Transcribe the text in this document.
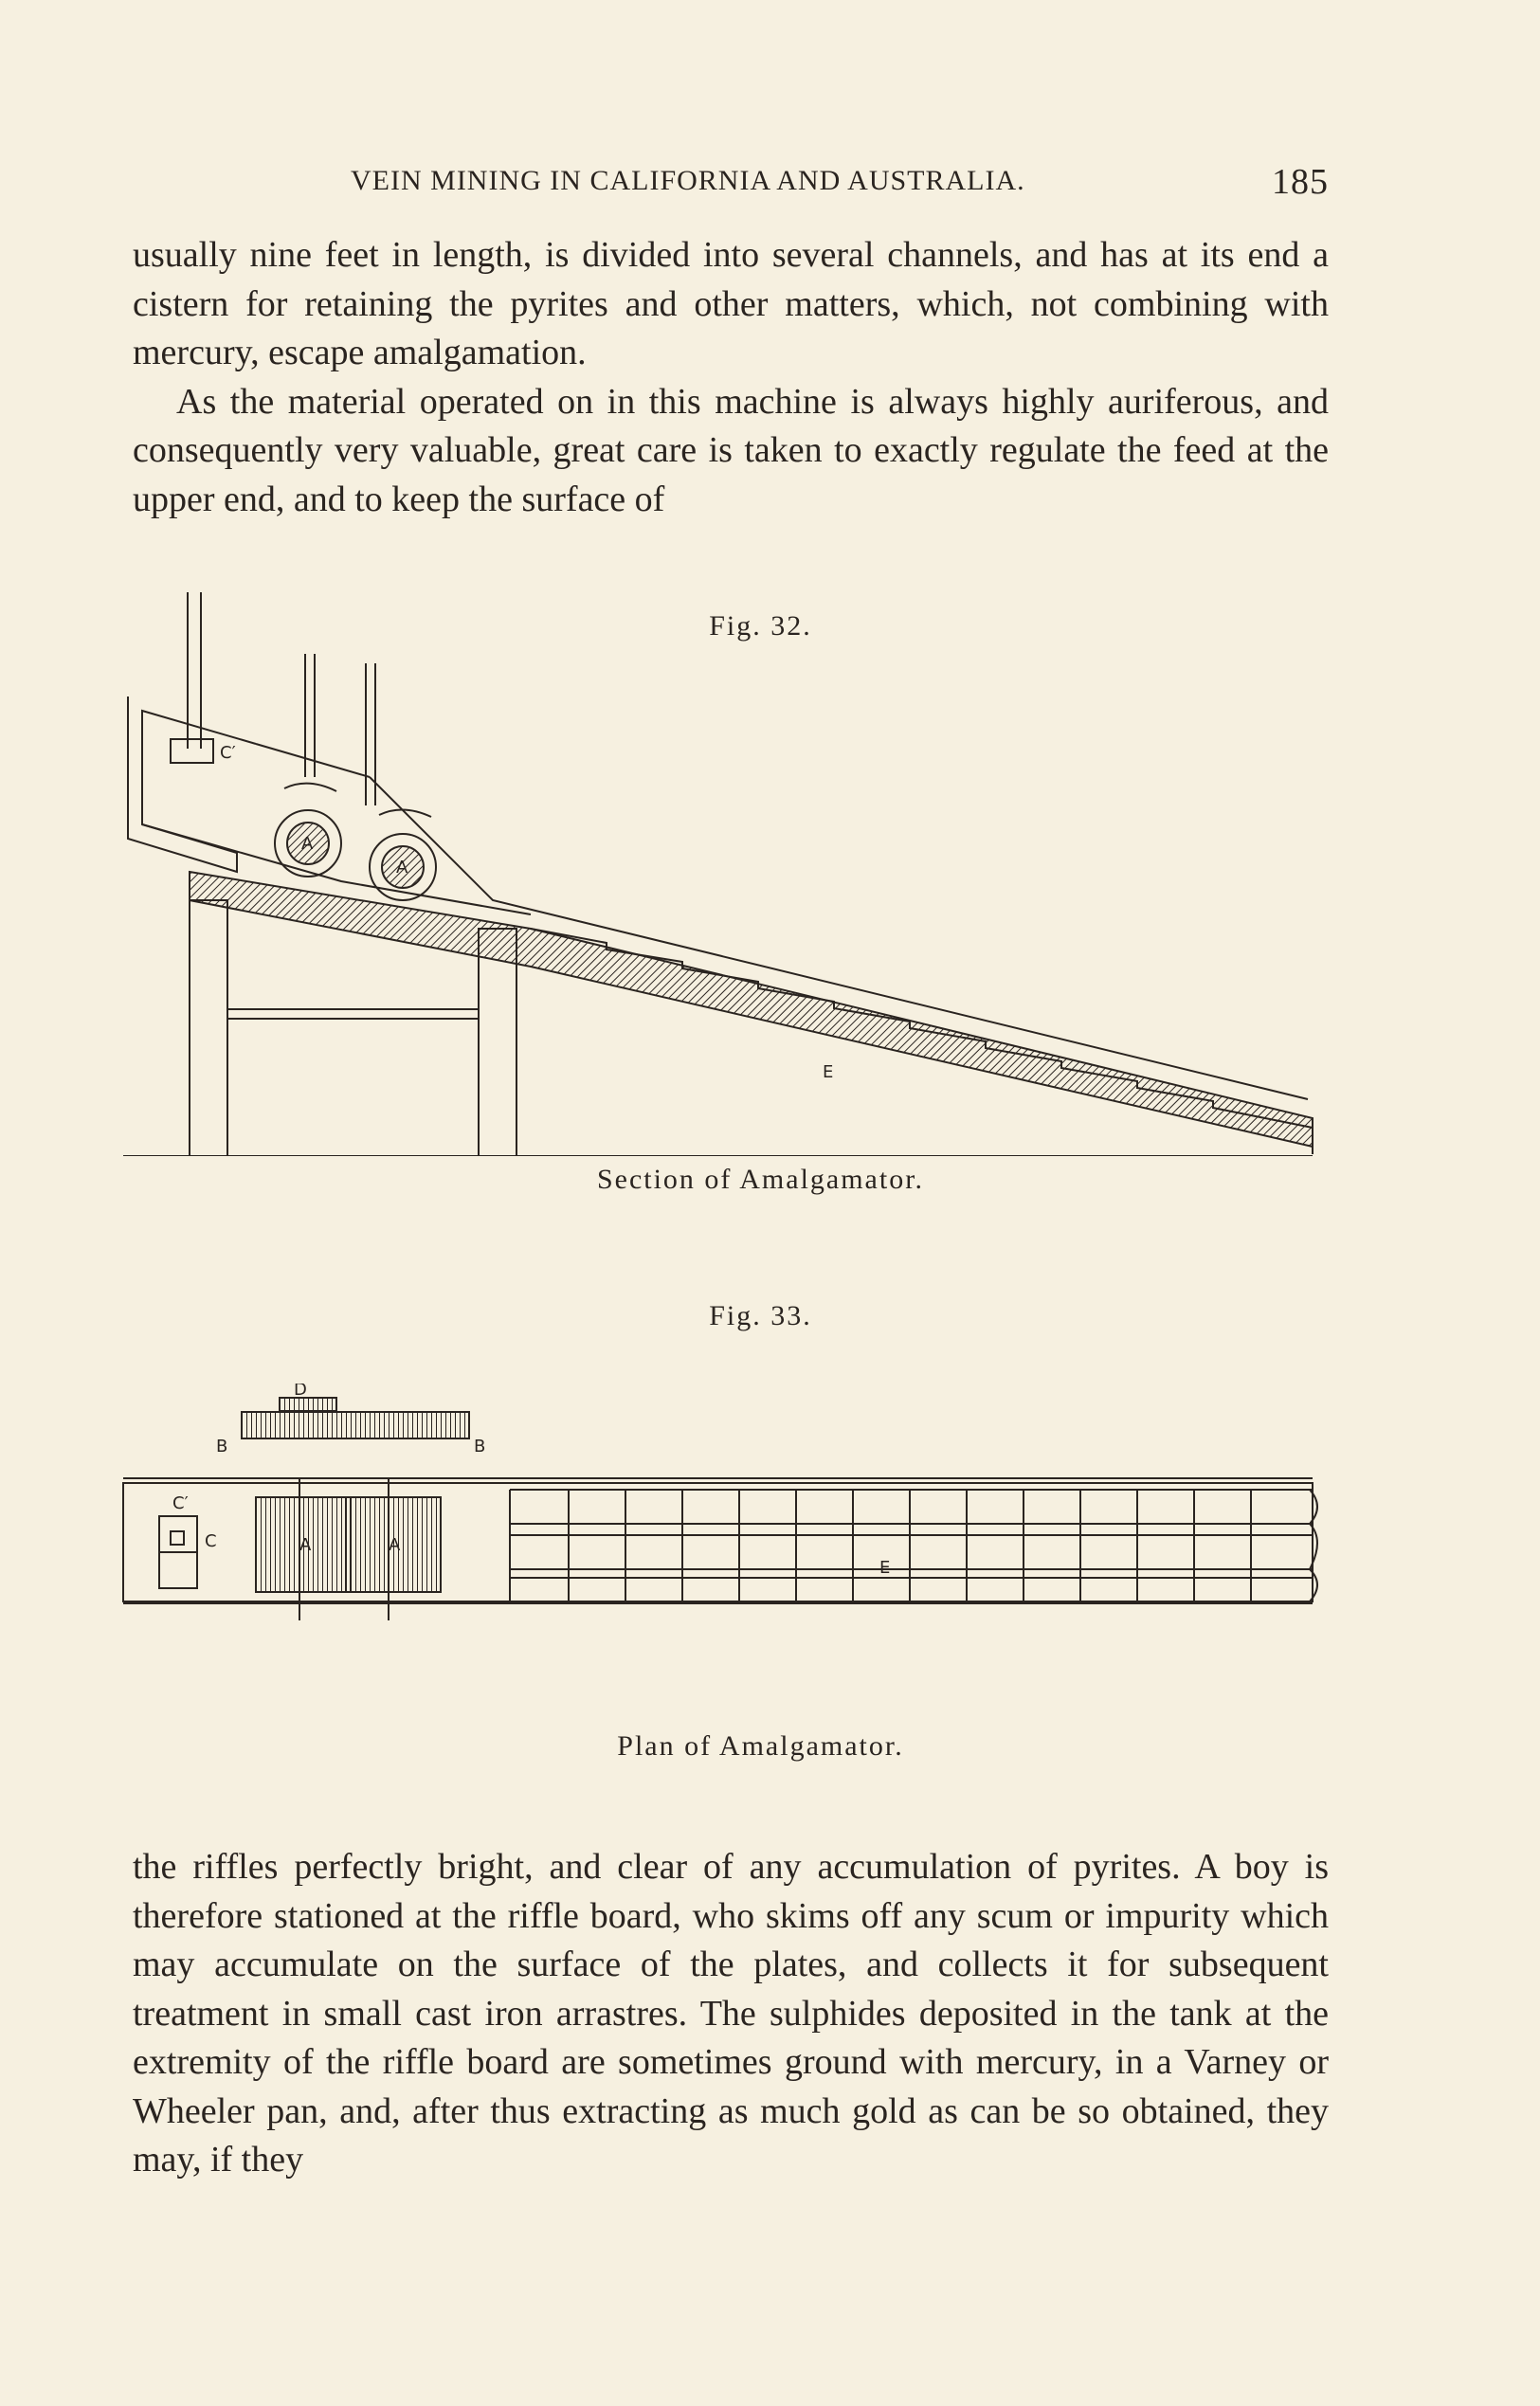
VEIN MINING IN CALIFORNIA AND AUSTRALIA.	185

usually nine feet in length, is divided into several channels, and has at its end a cistern for retaining the pyrites and other matters, which, not combining with mercury, escape amalgamation.

As the material operated on in this machine is always highly auriferous, and consequently very valuable, great care is taken to exactly regulate the feed at the upper end, and to keep the surface of

Fig. 32.
C′
A
A
E
Section of Amalgamator.
Fig. 33.
D
B	B
C′
C	A	A
E
Plan of Amalgamator.

the riffles perfectly bright, and clear of any accumulation of pyrites. A boy is therefore stationed at the riffle board, who skims off any scum or impurity which may accumulate on the surface of the plates, and collects it for subsequent treatment in small cast iron arrastres. The sulphides deposited in the tank at the extremity of the riffle board are sometimes ground with mercury, in a Varney or Wheeler pan, and, after thus extracting as much gold as can be so obtained, they may, if they
